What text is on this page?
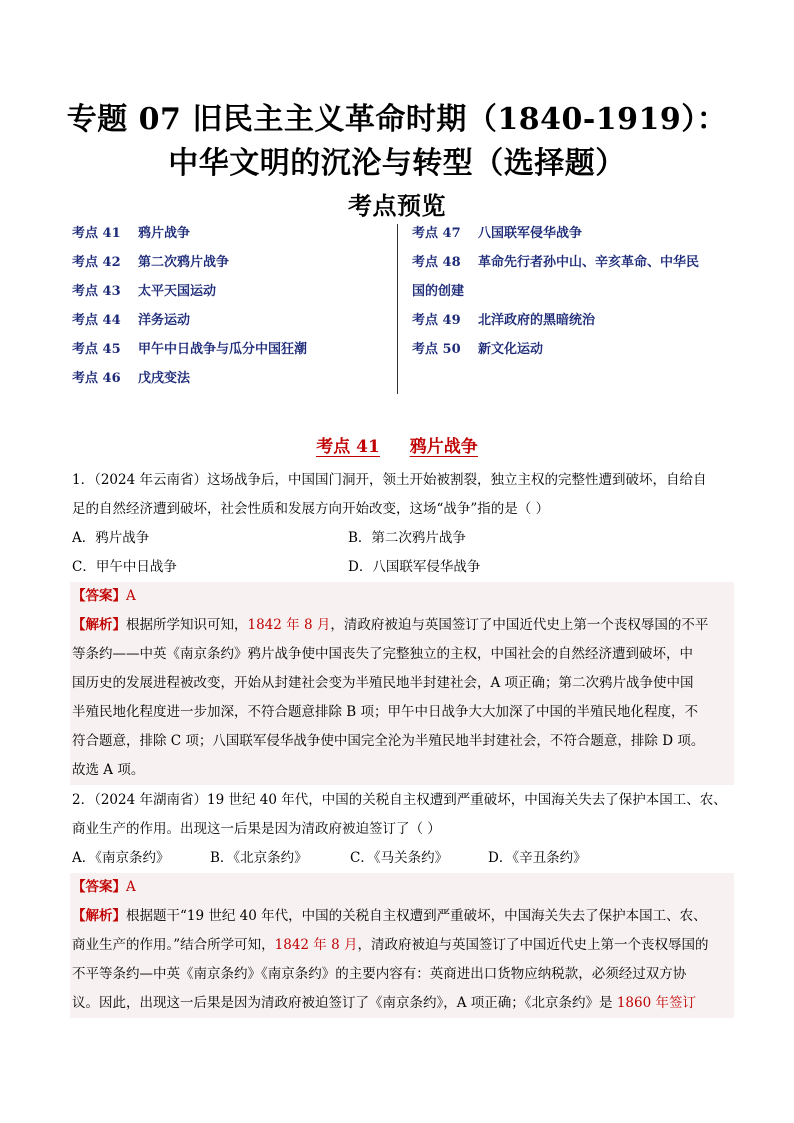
专题 07 旧民主主义革命时期（1840-1919）：
中华文明的沉沦与转型（选择题）
考点预览
考点 41 鸦片战争
考点 42 第二次鸦片战争
考点 43 太平天国运动
考点 44 洋务运动
考点 45 甲午中日战争与瓜分中国狂潮
考点 46 戊戌变法
考点 47 八国联军侵华战争
考点 48 革命先行者孙中山、辛亥革命、中华民
国的创建
考点 49 北洋政府的黑暗统治
考点 50 新文化运动
考点 41 鸦片战争
1．（2024 年云南省）这场战争后，中国国门洞开，领土开始被割裂，独立主权的完整性遭到破坏，自给自
足的自然经济遭到破坏，社会性质和发展方向开始改变，这场“战争”指的是（ ）
A．鸦片战争	B．第二次鸦片战争
C．甲午中日战争	D．八国联军侵华战争
【答案】A
【解析】根据所学知识可知，1842 年 8 月，清政府被迫与英国签订了中国近代史上第一个丧权辱国的不平
等条约——中英《南京条约》鸦片战争使中国丧失了完整独立的主权，中国社会的自然经济遭到破坏，中
国历史的发展进程被改变，开始从封建社会变为半殖民地半封建社会，A 项正确；第二次鸦片战争使中国
半殖民地化程度进一步加深，不符合题意排除 B 项；甲午中日战争大大加深了中国的半殖民地化程度，不
符合题意，排除 C 项；八国联军侵华战争使中国完全沦为半殖民地半封建社会，不符合题意，排除 D 项。
故选 A 项。
2．（2024 年湖南省）19 世纪 40 年代，中国的关税自主权遭到严重破坏，中国海关失去了保护本国工、农、
商业生产的作用。出现这一后果是因为清政府被迫签订了（ ）
A．《南京条约》	B．《北京条约》	C．《马关条约》	D．《辛丑条约》
【答案】A
【解析】根据题干“19 世纪 40 年代，中国的关税自主权遭到严重破坏，中国海关失去了保护本国工、农、
商业生产的作用。”结合所学可知，1842 年 8 月，清政府被迫与英国签订了中国近代史上第一个丧权辱国的
不平等条约—中英《南京条约》《南京条约》的主要内容有：英商进出口货物应纳税款，必须经过双方协
议。因此，出现这一后果是因为清政府被迫签订了《南京条约》，A 项正确；《北京条约》是 1860 年签订
